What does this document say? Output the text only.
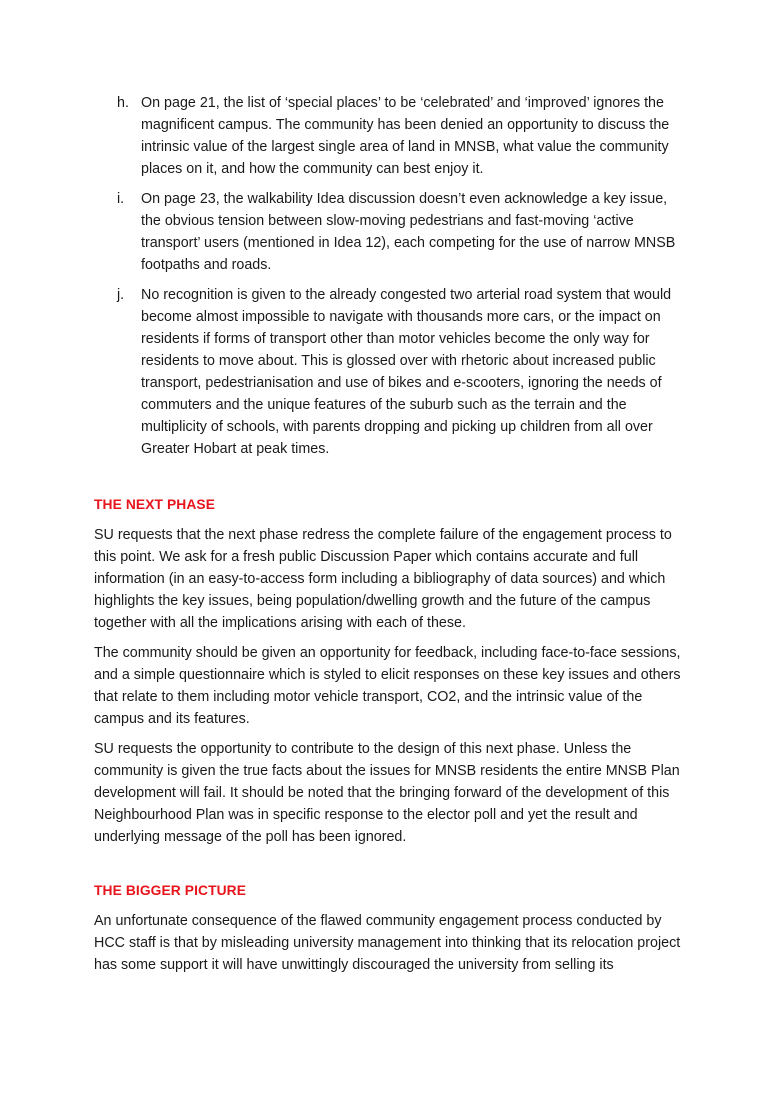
h. On page 21, the list of ‘special places’ to be ‘celebrated’ and ‘improved’ ignores the magnificent campus. The community has been denied an opportunity to discuss the intrinsic value of the largest single area of land in MNSB, what value the community places on it, and how the community can best enjoy it.
i. On page 23, the walkability Idea discussion doesn’t even acknowledge a key issue, the obvious tension between slow-moving pedestrians and fast-moving ‘active transport’ users (mentioned in Idea 12), each competing for the use of narrow MNSB footpaths and roads.
j. No recognition is given to the already congested two arterial road system that would become almost impossible to navigate with thousands more cars, or the impact on residents if forms of transport other than motor vehicles become the only way for residents to move about. This is glossed over with rhetoric about increased public transport, pedestrianisation and use of bikes and e-scooters, ignoring the needs of commuters and the unique features of the suburb such as the terrain and the multiplicity of schools, with parents dropping and picking up children from all over Greater Hobart at peak times.
THE NEXT PHASE

SU requests that the next phase redress the complete failure of the engagement process to this point. We ask for a fresh public Discussion Paper which contains accurate and full information (in an easy-to-access form including a bibliography of data sources) and which highlights the key issues, being population/dwelling growth and the future of the campus together with all the implications arising with each of these.

The community should be given an opportunity for feedback, including face-to-face sessions, and a simple questionnaire which is styled to elicit responses on these key issues and others that relate to them including motor vehicle transport, CO2, and the intrinsic value of the campus and its features.

SU requests the opportunity to contribute to the design of this next phase. Unless the community is given the true facts about the issues for MNSB residents the entire MNSB Plan development will fail. It should be noted that the bringing forward of the development of this Neighbourhood Plan was in specific response to the elector poll and yet the result and underlying message of the poll has been ignored.

THE BIGGER PICTURE

An unfortunate consequence of the flawed community engagement process conducted by HCC staff is that by misleading university management into thinking that its relocation project has some support it will have unwittingly discouraged the university from selling its
